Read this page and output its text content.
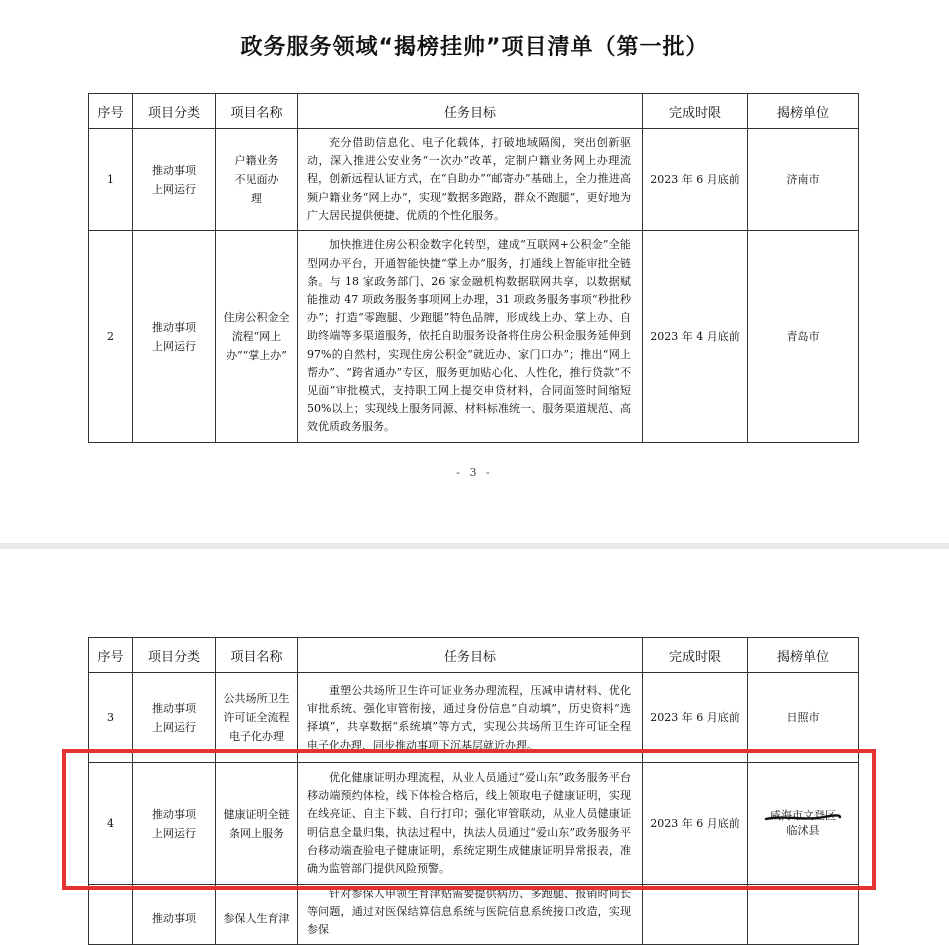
政务服务领域“揭榜挂帅”项目清单（第一批）
序号	项目分类	项目名称	任务目标	完成时限	揭榜单位
1	推动事项上网运行	户籍业务不见面办理	充分借助信息化、电子化载体，打破地域隔阂，突出创新驱动，深入推进公安业务“一次办”改革，定制户籍业务网上办理流程，创新远程认证方式，在“自助办”“邮寄办”基础上，全力推进高频户籍业务“网上办”，实现“数据多跑路，群众不跑腿”，更好地为广大居民提供便捷、优质的个性化服务。	2023 年 6 月底前	济南市
2	推动事项上网运行	住房公积金全流程“网上办”“掌上办”	加快推进住房公积金数字化转型，建成“互联网+公积金”全能型网办平台，开通智能快捷“掌上办”服务，打通线上智能审批全链条。与 18 家政务部门、26 家金融机构数据联网共享，以数据赋能推动 47 项政务服务事项网上办理，31 项政务服务事项“秒批秒办”；打造“零跑腿、少跑腿”特色品牌，形成线上办、掌上办、自助终端等多渠道服务，依托自助服务设备将住房公积金服务延伸到 97%的自然村，实现住房公积金“就近办、家门口办”；推出“网上帮办”、“跨省通办”专区，服务更加贴心化、人性化，推行贷款“不见面”审批模式，支持职工网上提交申贷材料，合同面签时间缩短 50%以上；实现线上服务同源、材料标准统一、服务渠道规范、高效优质政务服务。	2023 年 4 月底前	青岛市
- 3 -
序号	项目分类	项目名称	任务目标	完成时限	揭榜单位
3	推动事项上网运行	公共场所卫生许可证全流程电子化办理	重塑公共场所卫生许可证业务办理流程，压减申请材料、优化审批系统、强化审管衔接，通过身份信息“自动填”，历史资料“选择填”，共享数据“系统填”等方式，实现公共场所卫生许可证全程电子化办理，同步推动事项下沉基层就近办理。	2023 年 6 月底前	日照市
4	推动事项上网运行	健康证明全链条网上服务	优化健康证明办理流程，从业人员通过“爱山东”政务服务平台移动端预约体检，线下体检合格后，线上领取电子健康证明，实现在线亮证、自主下载、自行打印；强化审管联动，从业人员健康证明信息全量归集，执法过程中，执法人员通过“爱山东”政务服务平台移动端查验电子健康证明，系统定期生成健康证明异常报表，准确为监管部门提供风险预警。	2023 年 6 月底前	威海市文登区
临沭县

	推动事项	参保人生育津	针对参保人申领生育津贴需要提供病历、多跑腿、报销时间长等问题，通过对医保结算信息系统与医院信息系统接口改造，实现参保		
